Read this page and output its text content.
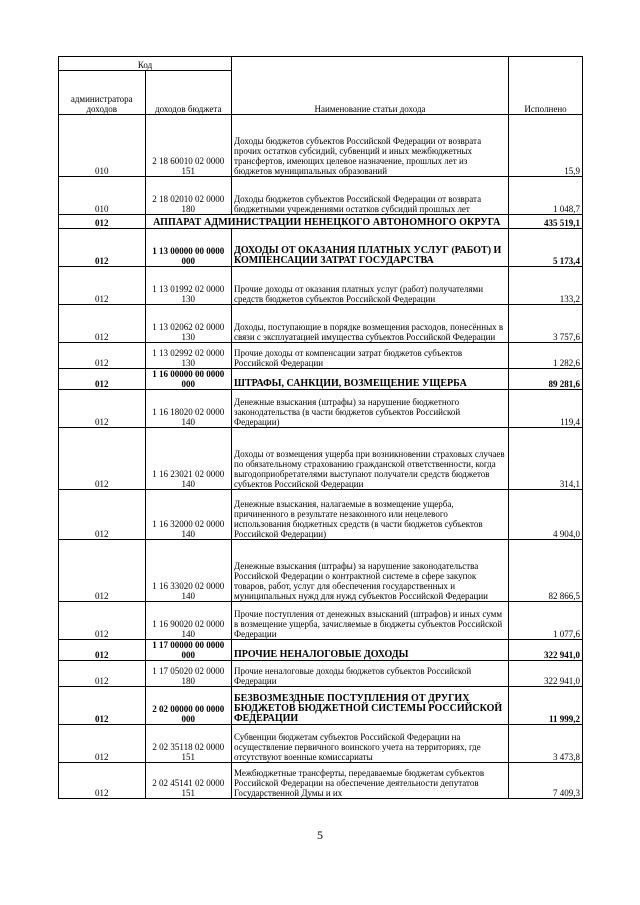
Код		Наименование статьи дохода	Исполнено
администратора доходов	доходов бюджета		
010	2 18 60010 02 0000 151	Доходы бюджетов субъектов Российской Федерации от возврата прочих остатков субсидий, субвенций и иных межбюджетных трансфертов, имеющих целевое назначение, прошлых лет из бюджетов муниципальных образований	15,9
010	2 18 02010 02 0000 180	Доходы бюджетов субъектов Российской Федерации от возврата бюджетными учреждениями остатков субсидий прошлых лет	1 048,7
012	АППАРАТ АДМИНИСТРАЦИИ НЕНЕЦКОГО АВТОНОМНОГО ОКРУГА		435 519,1
012	1 13 00000 00 0000 000	ДОХОДЫ ОТ ОКАЗАНИЯ ПЛАТНЫХ УСЛУГ (РАБОТ) И КОМПЕНСАЦИИ ЗАТРАТ ГОСУДАРСТВА	5 173,4
012	1 13 01992 02 0000 130	Прочие доходы от оказания платных услуг (работ) получателями средств бюджетов субъектов Российской Федерации	133,2
012	1 13 02062 02 0000 130	Доходы, поступающие в порядке возмещения расходов, понесённых в связи с эксплуатацией имущества субъектов Российской Федерации	3 757,6
012	1 13 02992 02 0000 130	Прочие доходы от компенсации затрат бюджетов субъектов Российской Федерации	1 282,6
012	1 16 00000 00 0000 000	ШТРАФЫ, САНКЦИИ, ВОЗМЕЩЕНИЕ УЩЕРБА	89 281,6
012	1 16 18020 02 0000 140	Денежные взыскания (штрафы) за нарушение бюджетного законодательства (в части бюджетов субъектов Российской Федерации)	119,4
012	1 16 23021 02 0000 140	Доходы от возмещения ущерба при возникновении страховых случаев по обязательному страхованию гражданской ответственности, когда выгодоприобретателями выступают получатели средств бюджетов субъектов Российской Федерации	314,1
012	1 16 32000 02 0000 140	Денежные взыскания, налагаемые в возмещение ущерба, причиненного в результате незаконного или нецелевого использования бюджетных средств (в части бюджетов субъектов Российской Федерации)	4 904,0
012	1 16 33020 02 0000 140	Денежные взыскания (штрафы) за нарушение законодательства Российской Федерации о контрактной системе в сфере закупок товаров, работ, услуг для обеспечения государственных и муниципальных нужд для нужд субъектов Российской Федерации	82 866,5
012	1 16 90020 02 0000 140	Прочие поступления от денежных взысканий (штрафов) и иных сумм в возмещение ущерба, зачисляемые в бюджеты субъектов Российской Федерации	1 077,6
012	1 17 00000 00 0000 000	ПРОЧИЕ НЕНАЛОГОВЫЕ ДОХОДЫ	322 941,0
012	1 17 05020 02 0000 180	Прочие неналоговые доходы бюджетов субъектов Российской Федерации	322 941,0
012	2 02 00000 00 0000 000	БЕЗВОЗМЕЗДНЫЕ ПОСТУПЛЕНИЯ ОТ ДРУГИХ БЮДЖЕТОВ БЮДЖЕТНОЙ СИСТЕМЫ РОССИЙСКОЙ ФЕДЕРАЦИИ	11 999,2
012	2 02 35118 02 0000 151	Субвенции бюджетам субъектов Российской Федерации на осуществление первичного воинского учета на территориях, где отсутствуют военные комиссариаты	3 473,8
012	2 02 45141 02 0000 151	Межбюджетные трансферты, передаваемые бюджетам субъектов Российской Федерации на обеспечение деятельности депутатов Государственной Думы и их	7 409,3
5
